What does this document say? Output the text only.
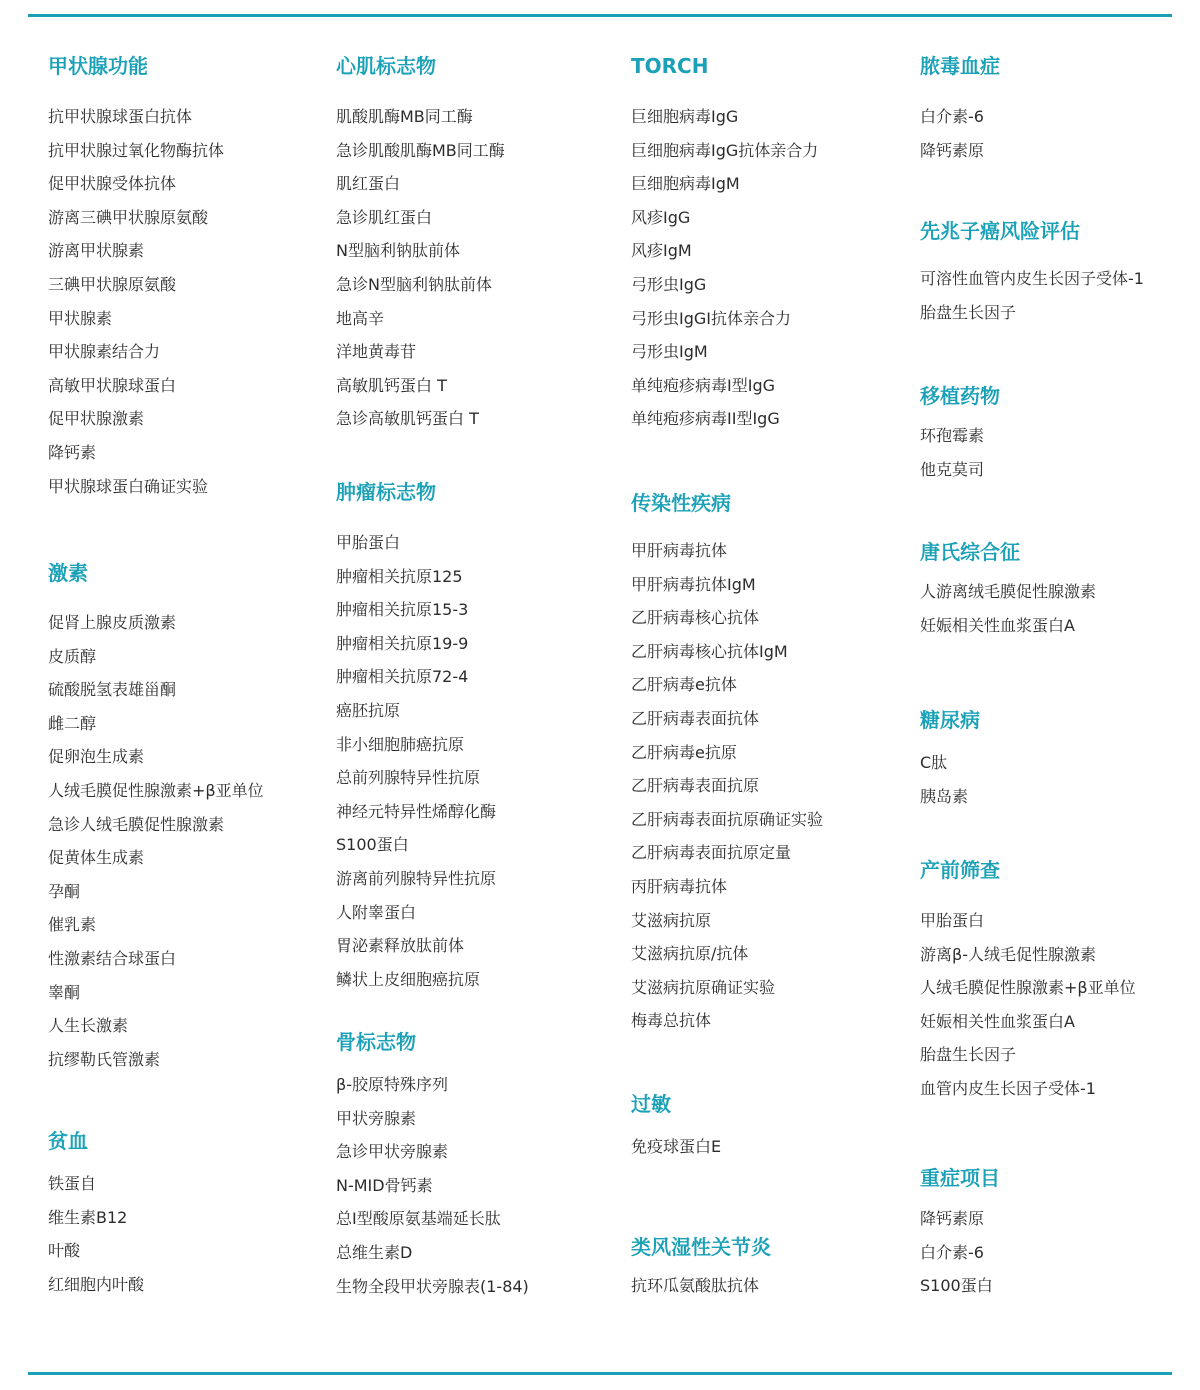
甲状腺功能
抗甲状腺球蛋白抗体
抗甲状腺过氧化物酶抗体
促甲状腺受体抗体
游离三碘甲状腺原氨酸
游离甲状腺素
三碘甲状腺原氨酸
甲状腺素
甲状腺素结合力
高敏甲状腺球蛋白
促甲状腺激素
降钙素
甲状腺球蛋白确证实验
激素
促肾上腺皮质激素
皮质醇
硫酸脱氢表雄甾酮
雌二醇
促卵泡生成素
人绒毛膜促性腺激素+β亚单位
急诊人绒毛膜促性腺激素
促黄体生成素
孕酮
催乳素
性激素结合球蛋白
睾酮
人生长激素
抗缪勒氏管激素
贫血
铁蛋自
维生素B12
叶酸
红细胞内叶酸
心肌标志物
肌酸肌酶MB同工酶
急诊肌酸肌酶MB同工酶
肌红蛋白
急诊肌红蛋白
N型脑利钠肽前体
急诊N型脑利钠肽前体
地高辛
洋地黄毒苷
高敏肌钙蛋白 T
急诊高敏肌钙蛋白 T
肿瘤标志物
甲胎蛋白
肿瘤相关抗原125
肿瘤相关抗原15-3
肿瘤相关抗原19-9
肿瘤相关抗原72-4
癌胚抗原
非小细胞肺癌抗原
总前列腺特异性抗原
神经元特异性烯醇化酶
S100蛋白
游离前列腺特异性抗原
人附睾蛋白
胃泌素释放肽前体
鳞状上皮细胞癌抗原
骨标志物
β-胶原特殊序列
甲状旁腺素
急诊甲状旁腺素
N-MID骨钙素
总I型酸原氨基端延长肽
总维生素D
生物全段甲状旁腺表(1-84)
TORCH
巨细胞病毒IgG
巨细胞病毒IgG抗体亲合力
巨细胞病毒IgM
风疹IgG
风疹IgM
弓形虫IgG
弓形虫IgGI抗体亲合力
弓形虫IgM
单纯疱疹病毒I型IgG
单纯疱疹病毒II型IgG
传染性疾病
甲肝病毒抗体
甲肝病毒抗体IgM
乙肝病毒核心抗体
乙肝病毒核心抗体IgM
乙肝病毒e抗体
乙肝病毒表面抗体
乙肝病毒e抗原
乙肝病毒表面抗原
乙肝病毒表面抗原确证实验
乙肝病毒表面抗原定量
丙肝病毒抗体
艾滋病抗原
艾滋病抗原/抗体
艾滋病抗原确证实验
梅毒总抗体
过敏
免疫球蛋白E
类风湿性关节炎
抗环瓜氨酸肽抗体
脓毒血症
白介素-6
降钙素原
先兆子癌风险评估
可溶性血管内皮生长因子受体-1
胎盘生长因子
移植药物
环孢霉素
他克莫司
唐氏综合征
人游离绒毛膜促性腺激素
妊娠相关性血浆蛋白A
糖尿病
C肽
胰岛素
产前筛查
甲胎蛋白
游离β-人绒毛促性腺激素
人绒毛膜促性腺激素+β亚单位
妊娠相关性血浆蛋白A
胎盘生长因子
血管内皮生长因子受体-1
重症项目
降钙素原
白介素-6
S100蛋白
